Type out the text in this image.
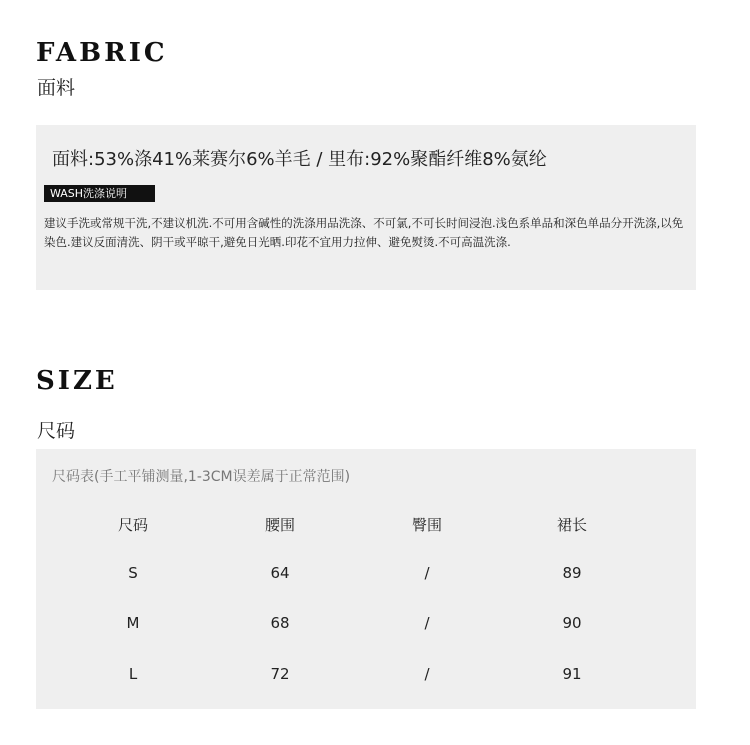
FABRIC
面料
面料:53%涤41%莱赛尔6%羊毛 / 里布:92%聚酯纤维8%氨纶
WASH洗涤说明
建议手洗或常规干洗,不建议机洗.不可用含碱性的洗涤用品洗涤、不可氯,不可长时间浸泡.浅色系单品和深色单品分开洗涤,以免染色.建议反面清洗、阴干或平晾干,避免日光晒.印花不宜用力拉伸、避免熨烫.不可高温洗涤.
SIZE
尺码
尺码表(手工平铺测量,1-3CM误差属于正常范围)
尺码	腰围	臀围	裙长
S	64	/	89
M	68	/	90
L	72	/	91
